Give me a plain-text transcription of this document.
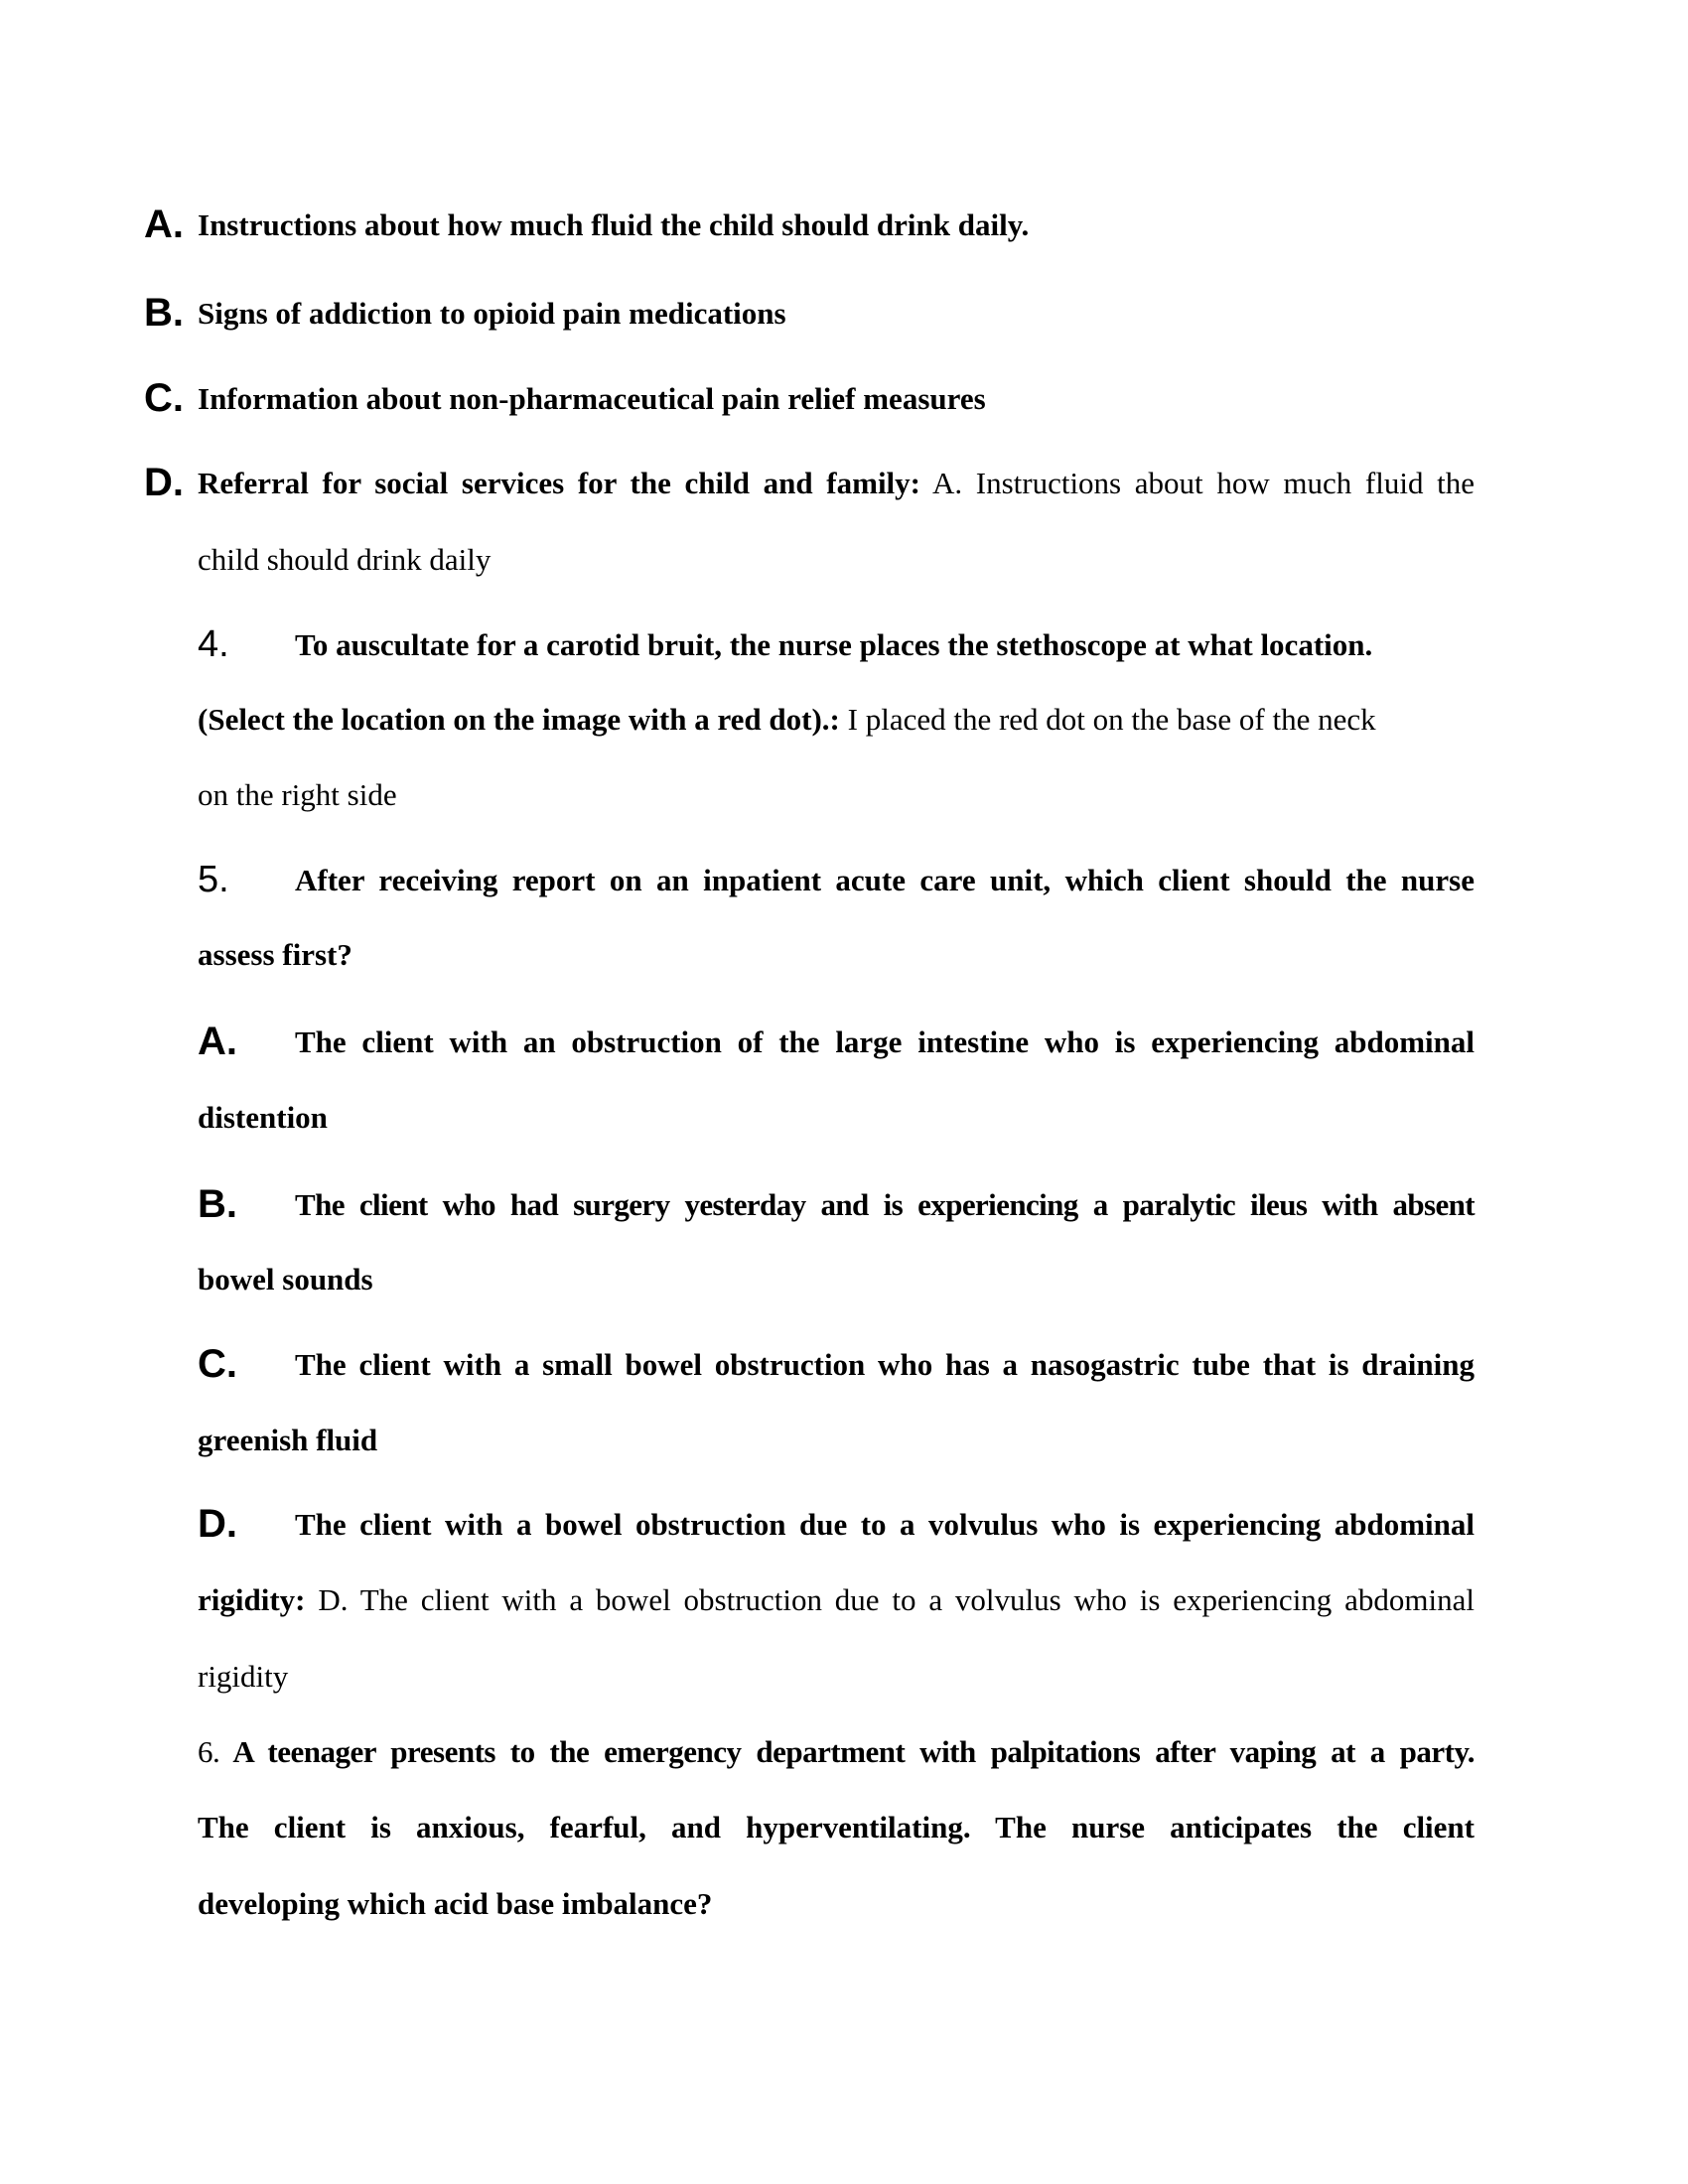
A. Instructions about how much fluid the child should drink daily.
B. Signs of addiction to opioid pain medications
C. Information about non-pharmaceutical pain relief measures
D. Referral for social services for the child and family: A. Instructions about how much fluid the
child should drink daily
4. To auscultate for a carotid bruit, the nurse places the stethoscope at what location.
(Select the location on the image with a red dot).: I placed the red dot on the base of the neck
on the right side
5. After receiving report on an inpatient acute care unit, which client should the nurse
assess first?
A. The client with an obstruction of the large intestine who is experiencing abdominal
distention
B. The client who had surgery yesterday and is experiencing a paralytic ileus with absent
bowel sounds
C. The client with a small bowel obstruction who has a nasogastric tube that is draining
greenish fluid
D. The client with a bowel obstruction due to a volvulus who is experiencing abdominal
rigidity: D. The client with a bowel obstruction due to a volvulus who is experiencing abdominal
rigidity
6. A teenager presents to the emergency department with palpitations after vaping at a party.
The client is anxious, fearful, and hyperventilating. The nurse anticipates the client
developing which acid base imbalance?
